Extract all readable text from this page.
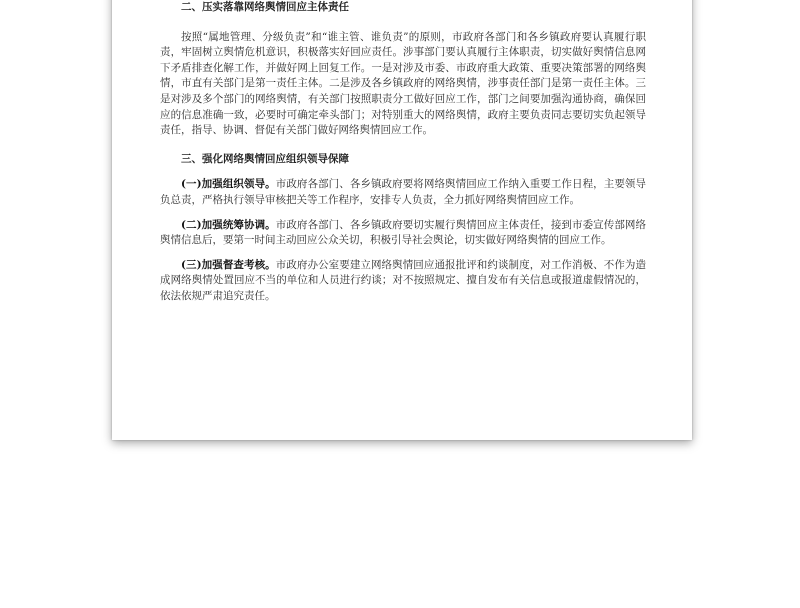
二、压实落靠网络舆情回应主体责任

按照“属地管理、分级负责”和“谁主管、谁负责”的原则，市政府各部门和各乡镇政府要认真履行职责，牢固树立舆情危机意识，积极落实好回应责任。涉事部门要认真履行主体职责，切实做好舆情信息网下矛盾排查化解工作，并做好网上回复工作。一是对涉及市委、市政府重大政策、重要决策部署的网络舆情，市直有关部门是第一责任主体。二是涉及各乡镇政府的网络舆情，涉事责任部门是第一责任主体。三是对涉及多个部门的网络舆情，有关部门按照职责分工做好回应工作，部门之间要加强沟通协商，确保回应的信息准确一致，必要时可确定牵头部门；对特别重大的网络舆情，政府主要负责同志要切实负起领导责任，指导、协调、督促有关部门做好网络舆情回应工作。

三、强化网络舆情回应组织领导保障

(一)加强组织领导。市政府各部门、各乡镇政府要将网络舆情回应工作纳入重要工作日程，主要领导负总责，严格执行领导审核把关等工作程序，安排专人负责，全力抓好网络舆情回应工作。

(二)加强统筹协调。市政府各部门、各乡镇政府要切实履行舆情回应主体责任，接到市委宣传部网络舆情信息后，要第一时间主动回应公众关切，积极引导社会舆论，切实做好网络舆情的回应工作。

(三)加强督查考核。市政府办公室要建立网络舆情回应通报批评和约谈制度，对工作消极、不作为造成网络舆情处置回应不当的单位和人员进行约谈；对不按照规定、擅自发布有关信息或报道虚假情况的，依法依规严肃追究责任。
